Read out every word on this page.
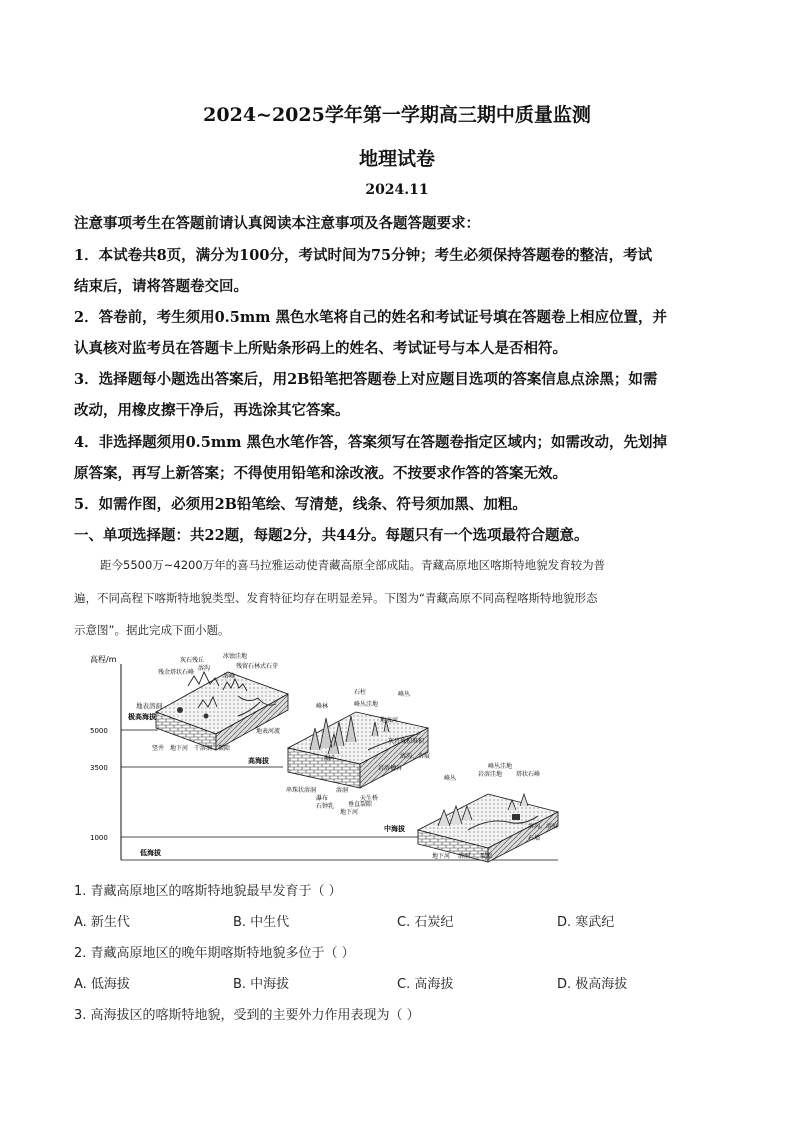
2024~2025学年第一学期高三期中质量监测
地理试卷
2024.11
注意事项考生在答题前请认真阅读本注意事项及各题答题要求：
1．本试卷共8页，满分为100分，考试时间为75分钟；考生必须保持答题卷的整洁，考试
结束后，请将答题卷交回。
2．答卷前，考生须用0.5mm 黑色水笔将自己的姓名和考试证号填在答题卷上相应位置，并
认真核对监考员在答题卡上所贴条形码上的姓名、考试证号与本人是否相符。
3．选择题每小题选出答案后，用2B铅笔把答题卷上对应题目选项的答案信息点涂黑；如需
改动，用橡皮擦干净后，再选涂其它答案。
4．非选择题须用0.5mm 黑色水笔作答，答案须写在答题卷指定区域内；如需改动，先划掉
原答案，再写上新答案；不得使用铅笔和涂改液。不按要求作答的答案无效。
5．如需作图，必须用2B铅笔绘、写清楚，线条、符号须加黑、加粗。
一、单项选择题：共22题，每题2分，共44分。每题只有一个选项最符合题意。
距今5500万~4200万年的喜马拉雅运动使青藏高原全部成陆。青藏高原地区喀斯特地貌发育较为普
遍，不同高程下喀斯特地貌类型、发育特征均存在明显差异。下图为“青藏高原不同高程喀斯特地貌形态
示意图”。据此完成下面小题。
高程/m
5000
3500
1000
地表溶洞
极高海拔
灰石残丘
冰蚀洼地
残余塔状石峰
溶沟	残留石林式石芽
溶峰
地表河流
竖井 地下河 干溶洞 裂隙
高海拔
石柱	峰丛
峰林	峰丛洼地
地表河
灰岩残积堆积
溶沟、溶痕
岩溶槽谷
天生桥
漏斗
串珠状溶洞	溶洞
瀑布
石钟乳
地下河
垂直裂隙
中海拔
低海拔
峰丛
岩溶洼地
峰丛洼地
塔状石峰
溶沟、溶痕
石墙
地下河 溶洞 裂隙
1. 青藏高原地区的喀斯特地貌最早发育于（ ）
A. 新生代	B. 中生代	C. 石炭纪	D. 寒武纪
2. 青藏高原地区的晚年期喀斯特地貌多位于（ ）
A. 低海拔	B. 中海拔	C. 高海拔	D. 极高海拔
3. 高海拔区的喀斯特地貌，受到的主要外力作用表现为（ ）
